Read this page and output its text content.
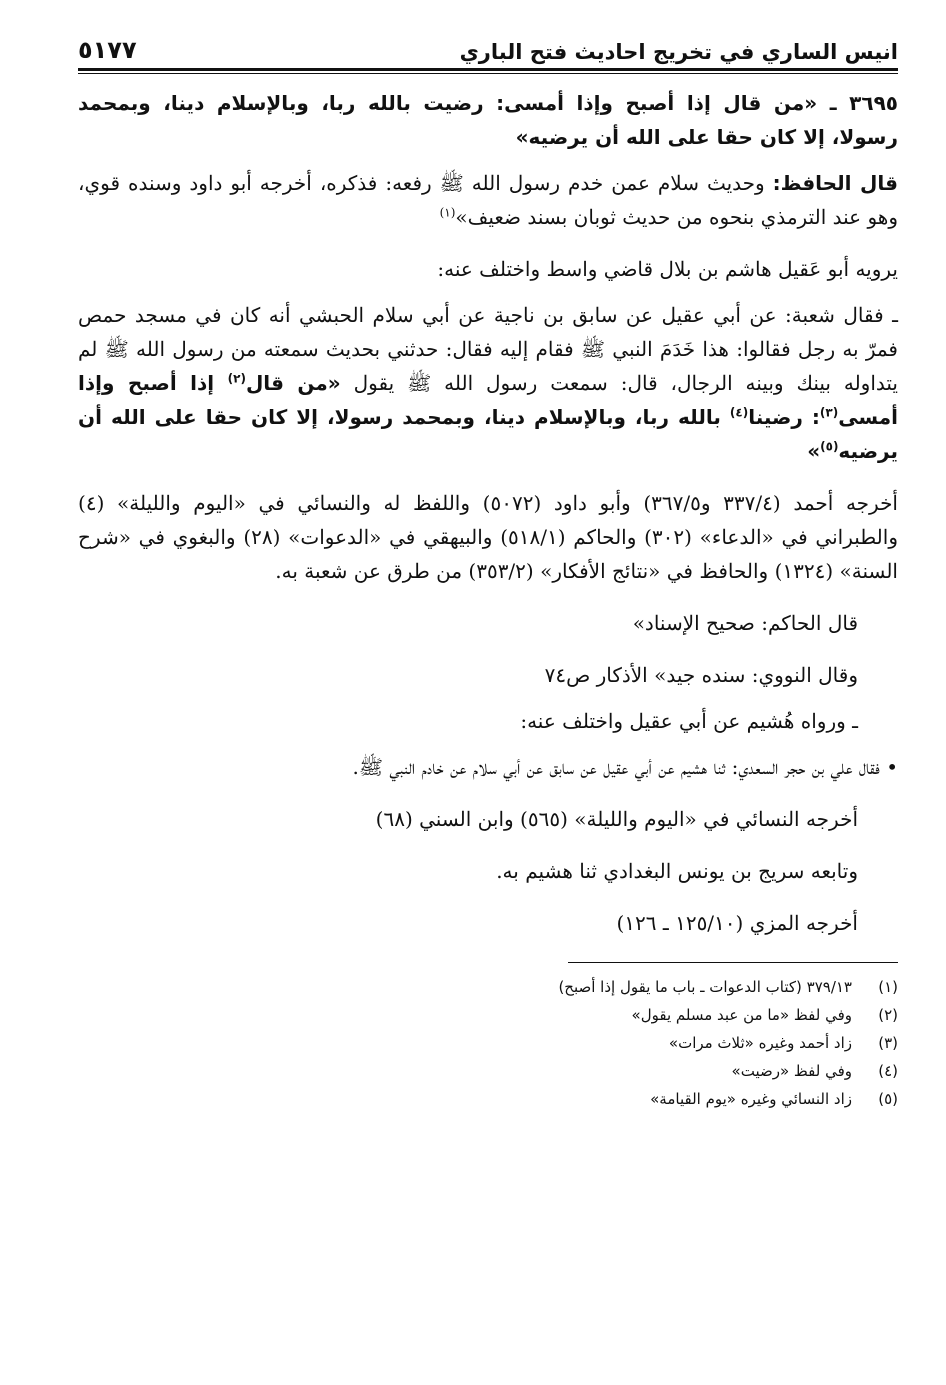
انيس الساري في تخريج احاديث فتح الباري
٥١٧٧

٣٦٩٥ ـ «من قال إذا أصبح وإذا أمسى: رضيت بالله ربا، وبالإسلام دينا، وبمحمد رسولا، إلا كان حقا على الله أن يرضيه»

قال الحافظ: وحديث سلام عمن خدم رسول الله ﷺ رفعه: فذكره، أخرجه أبو داود وسنده قوي، وهو عند الترمذي بنحوه من حديث ثوبان بسند ضعيف»$^{(١)}$

يرويه أبو عَقيل هاشم بن بلال قاضي واسط واختلف عنه:

ـ فقال شعبة: عن أبي عقيل عن سابق بن ناجية عن أبي سلام الحبشي أنه كان في مسجد حمص فمرّ به رجل فقالوا: هذا خَدَمَ النبي ﷺ فقام إليه فقال: حدثني بحديث سمعته من رسول الله ﷺ لم يتداوله بينك وبينه الرجال، قال: سمعت رسول الله ﷺ يقول «من قال$^{(٢)}$ إذا أصبح وإذا أمسى$^{(٣)}$: رضينا$^{(٤)}$ بالله ربا، وبالإسلام دينا، وبمحمد رسولا، إلا كان حقا على الله أن يرضيه$^{(٥)}$»

أخرجه أحمد (٣٣٧/٤ و٣٦٧/٥) وأبو داود (٥٠٧٢) واللفظ له والنسائي في «اليوم والليلة» (٤) والطبراني في «الدعاء» (٣٠٢) والحاكم (٥١٨/١) والبيهقي في «الدعوات» (٢٨) والبغوي في «شرح السنة» (١٣٢٤) والحافظ في «نتائج الأفكار» (٣٥٣/٢) من طرق عن شعبة به.

قال الحاكم: صحيح الإسناد»

وقال النووي: سنده جيد» الأذكار ص٧٤

ـ ورواه هُشيم عن أبي عقيل واختلف عنه:

• فقال علي بن حجر السعدي: ثنا هشيم عن أبي عقيل عن سابق عن أبي سلام عن خادم النبي ﷺ.

أخرجه النسائي في «اليوم والليلة» (٥٦٥) وابن السني (٦٨)

وتابعه سريج بن يونس البغدادي ثنا هشيم به.

أخرجه المزي (١٢٥/١٠ ـ ١٢٦)

(١)
٣٧٩/١٣ (كتاب الدعوات ـ باب ما يقول إذا أصبح)
(٢)
وفي لفظ «ما من عبد مسلم يقول»
(٣)
زاد أحمد وغيره «ثلاث مرات»
(٤)
وفي لفظ «رضيت»
(٥)
زاد النسائي وغيره «يوم القيامة»
